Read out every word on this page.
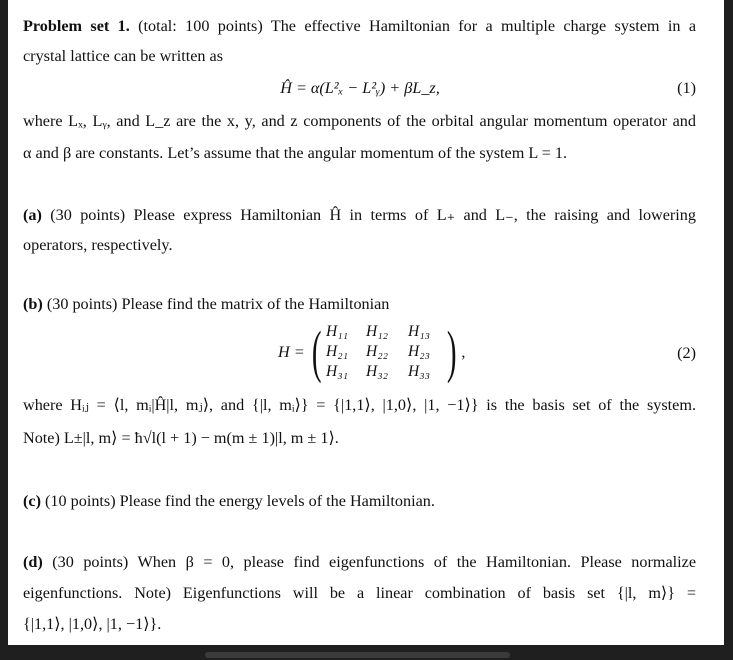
Problem set 1. (total: 100 points) The effective Hamiltonian for a multiple charge system in a
crystal lattice can be written as
Ĥ = α(L²ₓ − L²ᵧ) + βL_z,	(1)
where Lₓ, Lᵧ, and L_z are the x, y, and z components of the orbital angular momentum operator and
α and β are constants. Let’s assume that the angular momentum of the system L = 1.
(a) (30 points) Please express Hamiltonian Ĥ in terms of L₊ and L₋, the raising and lowering
operators, respectively.
(b) (30 points) Please find the matrix of the Hamiltonian
H = ( H₁₁	H₁₂	H₁₃
H₂₁	H₂₂	H₂₃
H₃₁	H₃₂	H₃₃ ) ,	(2)
where Hᵢⱼ = ⟨l, mᵢ|Ĥ|l, mⱼ⟩, and {|l, mᵢ⟩} = {|1,1⟩, |1,0⟩, |1, −1⟩} is the basis set of the system.
Note) L±|l, m⟩ = ħ√l(l + 1) − m(m ± 1)|l, m ± 1⟩.
(c) (10 points) Please find the energy levels of the Hamiltonian.
(d) (30 points) When β = 0, please find eigenfunctions of the Hamiltonian. Please normalize
eigenfunctions. Note) Eigenfunctions will be a linear combination of basis set {|l, m⟩} =
{|1,1⟩, |1,0⟩, |1, −1⟩}.
